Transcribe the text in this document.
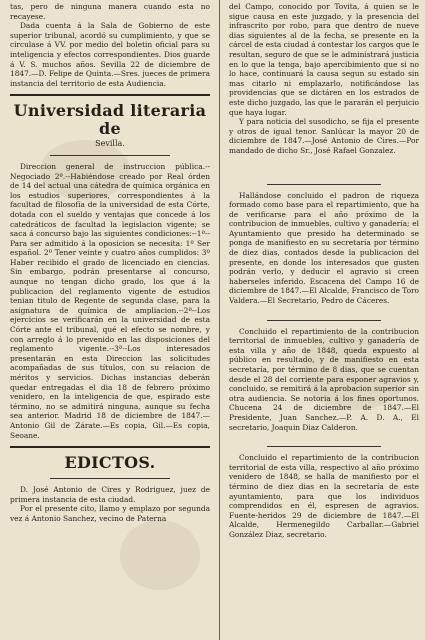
tas, pero de ninguna manera cuando esta no recayese.

Dada cuenta á la Sala de Gobierno de este superior tribunal, acordó su cumplimiento, y que se circulase á VV. por medio del boletin oficial para su inteligencia y efectos correspondientes. Dios guarde á V. S. muchos años. Sevilla 22 de diciembre de 1847.—D. Felipe de Quinta.—Sres. jueces de primera instancia del territorio de esta Audiencia.

Universidad literaria de
Sevilla.

Direccion general de instruccion pública.--Negociado 2º.--Habiéndose creado por Real órden de 14 del actual una cátedra de química orgánica en los estudios superiores, correspondientes á la facultad de filosofía de la universidad de esta Córte, dotada con el sueldo y ventajas que concede á los catedráticos de facultad la legislacion vigente; se saca á concurso bajo las siguientes condiciones:--1ª--Para ser admitido á la oposicion se necesita: 1º Ser español. 2º Tener veinte y cuatro años cumplidos: 3º Haber recibido el grado de licenciado en ciencias. Sin embargo, podrán presentarse al concurso, aunque no tengan dicho grado, los que á la publicacion del reglamento vigente de estudios tenian titulo de Regente de segunda clase, para la asignatura de química de ampliacion.--2ª--Los ejercicios se verificarán en la universidad de esta Córte ante el tribunal, qué el efecto se nombre, y con arreglo á lo prevenido en las disposiciones del reglamento vigente.--3ª--Los interesados presentarán en esta Direccion las solicitudes acompañadas de sus títulos, con su relacion de méritos y servicios. Dichas instancias deberán quedar entregadas el dia 18 de febrero próximo venidero, en la inteligencia de que, espirado este término, no se admitirá ninguna, aunque su fecha sea anterior. Madrid 18 de diciembre de 1847.—Antonio Gil de Zárate.—Es copia, Gil.—Es copia, Seoane.

EDICTOS.

D. José Antonio de Cires y Rodriguez, juez de primera instancia de esta ciudad.

Por el presente cito, llamo y emplazo por segunda vez á Antonio Sanchez, vecino de Paterna

del Campo, conocido por Tovita, á quien se le sigue causa en este juzgado, y la presencia del infrascrito por robo, para que dentro de nueve dias siguientes al de la fecha, se presente en la cárcel de esta ciudad á contestar los cargos que le resultan, seguro de que se le administrará justicia en lo que la tenga, bajo apercibimiento que si no lo hace, continuará la causa segun su estado sin mas citarlo ni emplazarlo, notificándose las providencias que se dictáren en los estrados de este dicho juzgado, las que le pararán el perjuicio que haya lugar.

Y para noticia del susodicho, se fija el presente y otros de igual tenor. Sanlúcar la mayor 20 de diciembre de 1847.—José Antonio de Cires.—Por mandado de dicho Sr., José Rafael Gonzalez.

Hallándose concluido el padron de riqueza formado como base para el repartimiento, que ha de verificarse para el año próximo de la contribucion de inmuebles, cultivo y ganadería; el Ayuntamiento que presido ha determinado se ponga de manifiesto en su secretaría por término de diez dias, contados desde la publicacion del presente, en donde los interesados que gusten podrán verlo, y deducir el agravio si creen haberseles inferido. Escacena del Campo 16 de diciembre de 1847.—El Alcalde, Francisco de Toro Valdera.—El Secretario, Pedro de Cáceres.

Concluido el repartimiento de la contribucion territorial de inmuebles, cultivo y ganadería de esta villa y año de 1848, queda expuesto al público en resultado, y de manifiesto en esta secretaría, por término de 8 dias, que se cuentan desde el 28 del corriente para esponer agravios y, concluido, se remitirá á la aprobacion superior sin otra audiencia. Se notoria á los fines oportunos. Chucena 24 de diciembre de 1847.—El Presidente, Juan Sanchez.—P. A. D. A., El secretario, Joaquin Diaz Calderon.

Concluido el repartimiento de la contribucion territorial de esta villa, respectivo al año próximo venidero de 1848, se halla de manifiesto por el término de diez dias en la secretaría de este ayuntamiento, para que los individuos comprendidos en él, espresen de agravios. Fuente-heridos 29 de diciembre de 1847.—El Alcalde, Hermenegildo Carballar.—Gabriel González Diaz, secretario.
